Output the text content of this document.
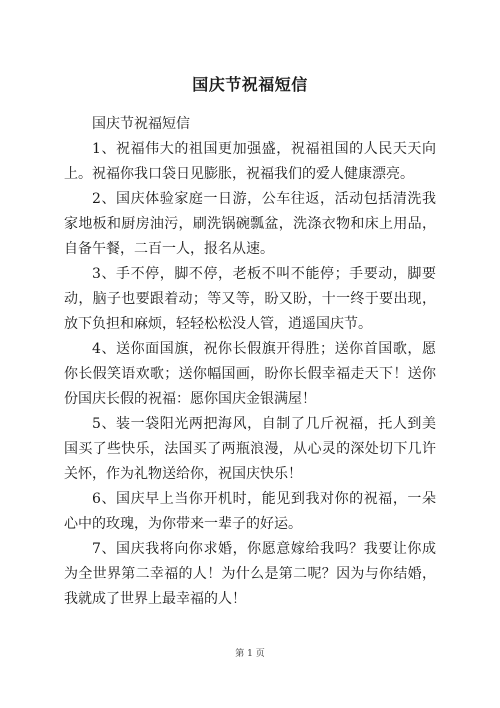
国庆节祝福短信

国庆节祝福短信

1、祝福伟大的祖国更加强盛，祝福祖国的人民天天向上。祝福你我口袋日见膨胀，祝福我们的爱人健康漂亮。

2、国庆体验家庭一日游，公车往返，活动包括清洗我家地板和厨房油污，刷洗锅碗瓢盆，洗涤衣物和床上用品，自备午餐，二百一人，报名从速。

3、手不停，脚不停，老板不叫不能停；手要动，脚要动，脑子也要跟着动；等又等，盼又盼，十一终于要出现，放下负担和麻烦，轻轻松松没人管，逍遥国庆节。

4、送你面国旗，祝你长假旗开得胜；送你首国歌，愿你长假笑语欢歌；送你幅国画，盼你长假幸福走天下！送你份国庆长假的祝福：愿你国庆金银满屋！

5、装一袋阳光两把海风，自制了几斤祝福，托人到美国买了些快乐，法国买了两瓶浪漫，从心灵的深处切下几许关怀，作为礼物送给你，祝国庆快乐！

6、国庆早上当你开机时，能见到我对你的祝福，一朵心中的玫瑰，为你带来一辈子的好运。

7、国庆我将向你求婚，你愿意嫁给我吗？我要让你成为全世界第二幸福的人！为什么是第二呢？因为与你结婚，我就成了世界上最幸福的人！

第 1 页
